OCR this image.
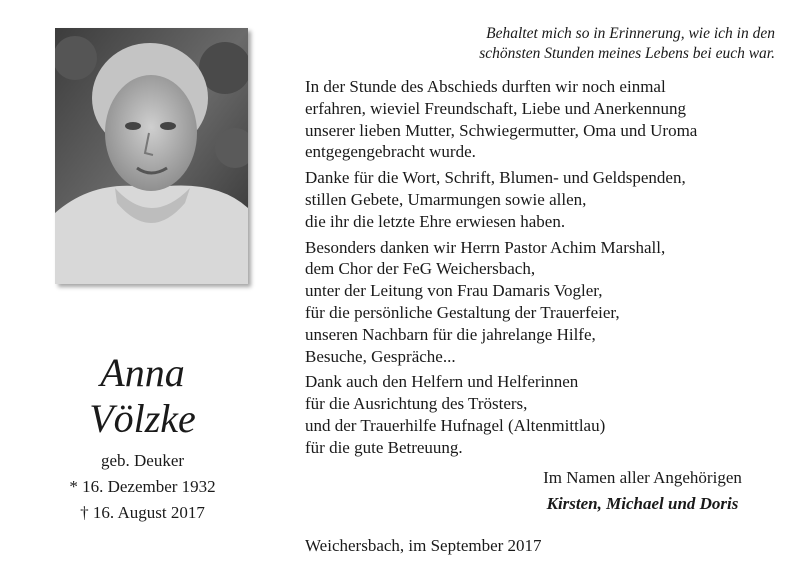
Behaltet mich so in Erinnerung, wie ich in den
schönsten Stunden meines Lebens bei euch war.
In der Stunde des Abschieds durften wir noch einmal
erfahren, wieviel Freundschaft, Liebe und Anerkennung
unserer lieben Mutter, Schwiegermutter, Oma und Uroma
entgegengebracht wurde.
Danke für die Wort, Schrift, Blumen- und Geldspenden,
stillen Gebete, Umarmungen sowie allen,
die ihr die letzte Ehre erwiesen haben.
Besonders danken wir Herrn Pastor Achim Marshall,
dem Chor der FeG Weichersbach,
unter der Leitung von Frau Damaris Vogler,
für die persönliche Gestaltung der Trauerfeier,
unseren Nachbarn für die jahrelange Hilfe,
Besuche, Gespräche...
Dank auch den Helfern und Helferinnen
für die Ausrichtung des Trösters,
und der Trauerhilfe Hufnagel (Altenmittlau)
für die gute Betreuung.
Anna
Völzke
geb. Deuker
* 16. Dezember 1932
† 16. August 2017
Im Namen aller Angehörigen
Kirsten, Michael und Doris
Weichersbach, im September 2017
